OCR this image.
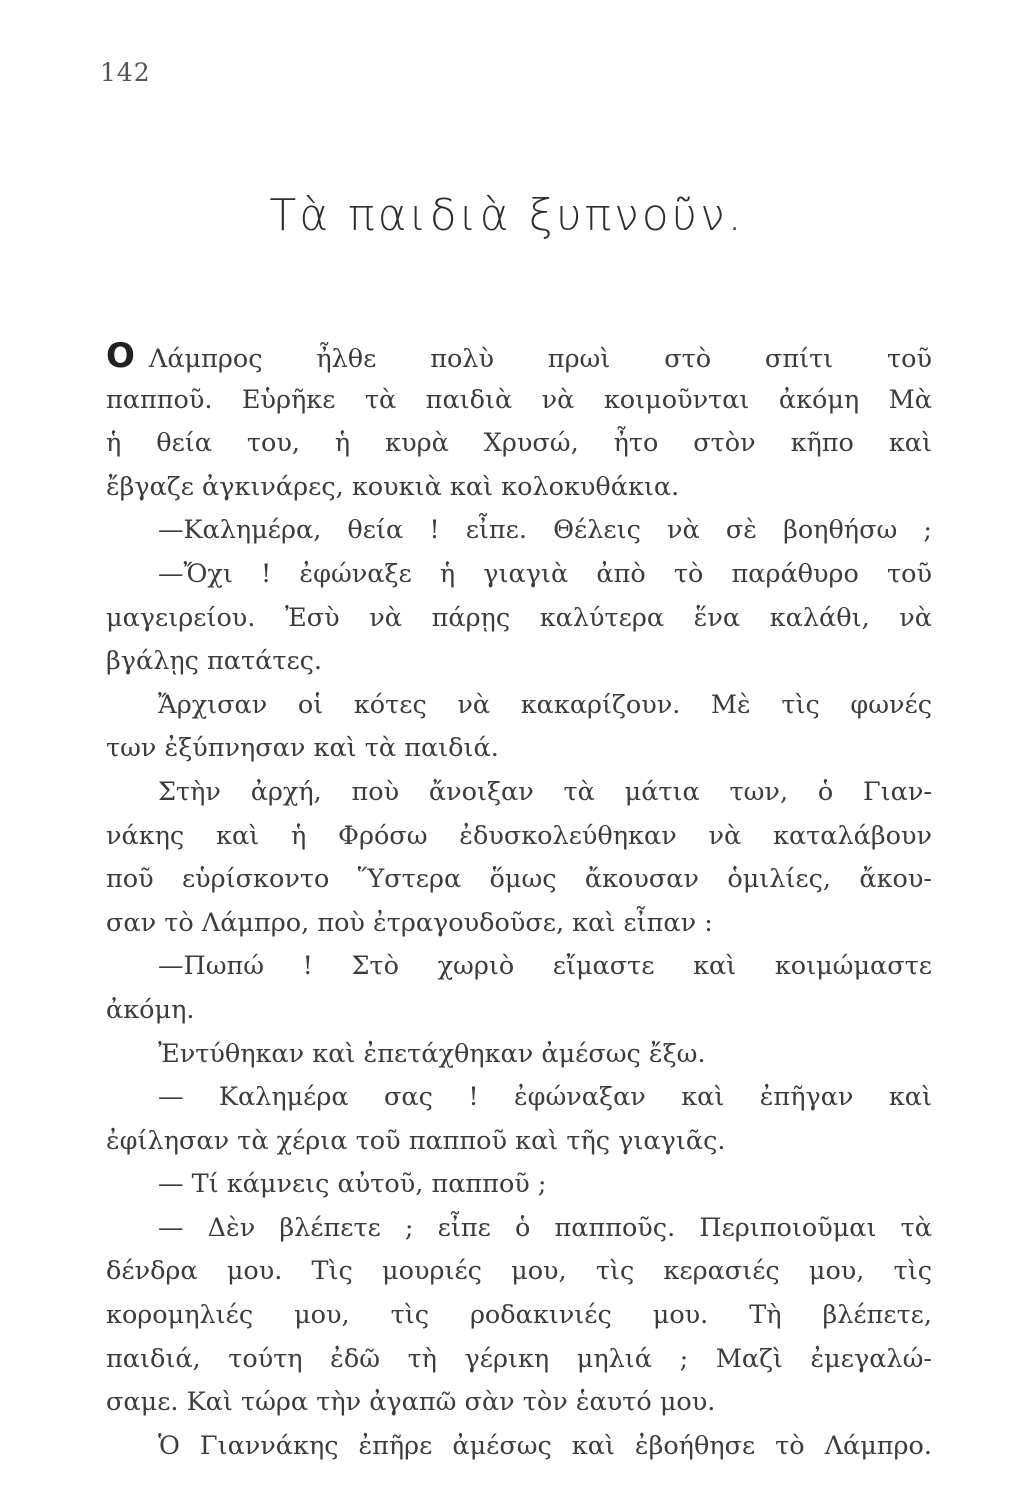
142
Τὰ παιδιὰ ξυπνοῦν.
Ο Λάμπρος ἦλθε πολὺ πρωὶ στὸ σπίτι τοῦ
παπποῦ. Εὑρῆκε τὰ παιδιὰ νὰ κοιμοῦνται ἀκόμη Μὰ
ἡ θεία του, ἡ κυρὰ Χρυσώ, ἦτο στὸν κῆπο καὶ
ἔβγαζε ἀγκινάρες, κουκιὰ καὶ κολοκυθάκια.
—Καλημέρα, θεία ! εἶπε. Θέλεις νὰ σὲ βοηθήσω ;
—Ὄχι ! ἐφώναξε ἡ γιαγιὰ ἀπὸ τὸ παράθυρο τοῦ
μαγειρείου. Ἐσὺ νὰ πάρῃς καλύτερα ἕνα καλάθι, νὰ
βγάλῃς πατάτες.
Ἄρχισαν οἱ κότες νὰ κακαρίζουν. Μὲ τὶς φωνές
των ἐξύπνησαν καὶ τὰ παιδιά.
Στὴν ἀρχή, ποὺ ἄνοιξαν τὰ μάτια των, ὁ Γιαν-
νάκης καὶ ἡ Φρόσω ἐδυσκολεύθηκαν νὰ καταλάβουν
ποῦ εὑρίσκοντο Ὕστερα ὅμως ἄκουσαν ὁμιλίες, ἄκου-
σαν τὸ Λάμπρο, ποὺ ἐτραγουδοῦσε, καὶ εἶπαν :
—Πωπώ ! Στὸ χωριὸ εἴμαστε καὶ κοιμώμαστε
ἀκόμη.
Ἐντύθηκαν καὶ ἐπετάχθηκαν ἀμέσως ἔξω.
— Καλημέρα σας ! ἐφώναξαν καὶ ἐπῆγαν καὶ
ἐφίλησαν τὰ χέρια τοῦ παπποῦ καὶ τῆς γιαγιᾶς.
— Τί κάμνεις αὐτοῦ, παπποῦ ;
— Δὲν βλέπετε ; εἶπε ὁ παπποῦς. Περιποιοῦμαι τὰ
δένδρα μου. Τὶς μουριές μου, τὶς κερασιές μου, τὶς
κορομηλιές μου, τὶς ροδακινιές μου. Τὴ βλέπετε,
παιδιά, τούτη ἐδῶ τὴ γέρικη μηλιά ; Μαζὶ ἐμεγαλώ-
σαμε. Καὶ τώρα τὴν ἀγαπῶ σὰν τὸν ἑαυτό μου.
Ὁ Γιαννάκης ἐπῆρε ἀμέσως καὶ ἐβοήθησε τὸ Λάμπρο.
